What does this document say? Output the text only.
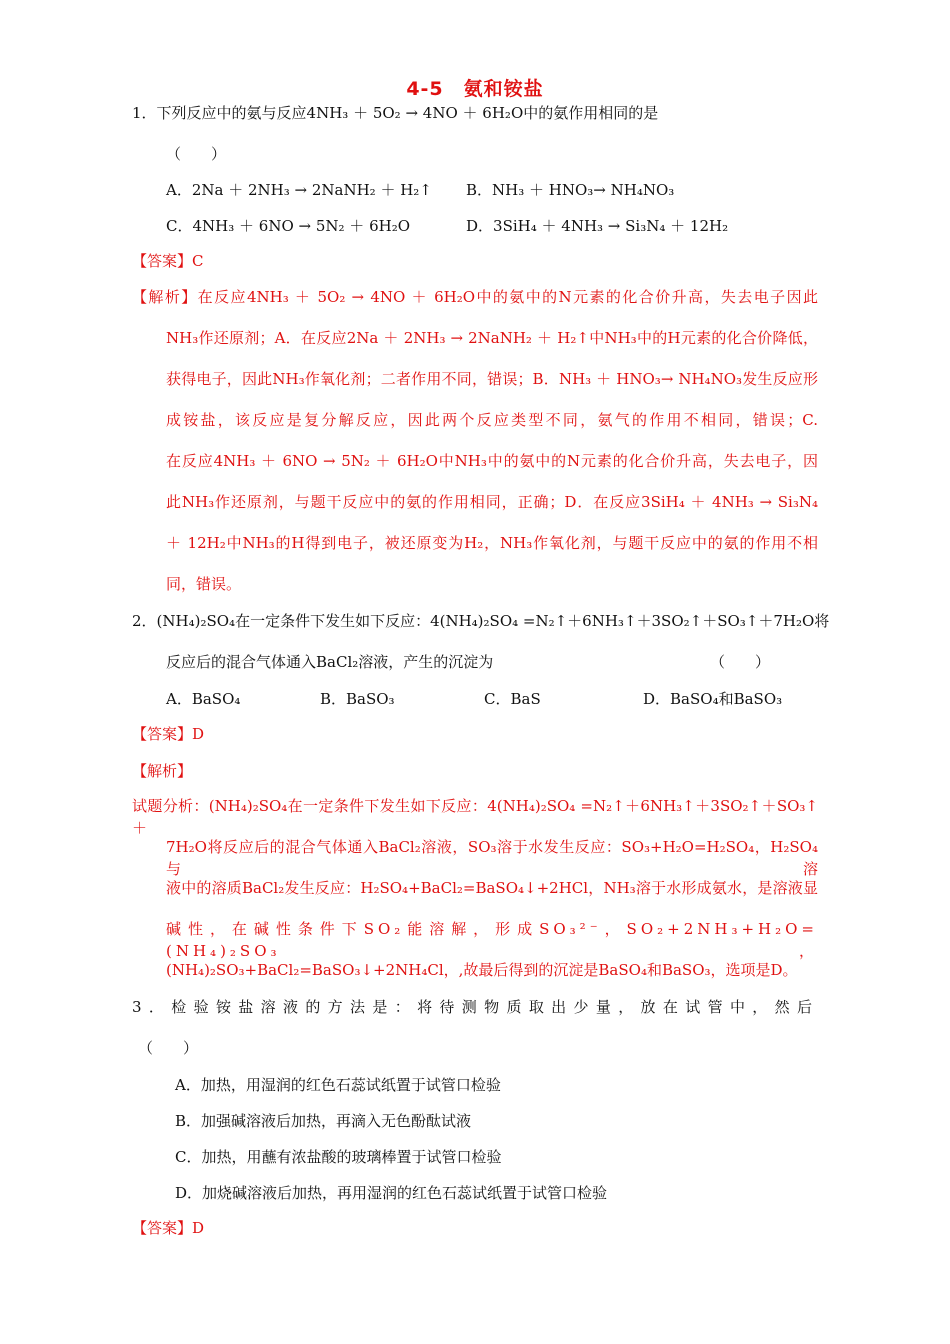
4-5　氨和铵盐
1．下列反应中的氨与反应4NH₃ ＋ 5O₂ → 4NO ＋ 6H₂O中的氨作用相同的是
（　　）
A．2Na ＋ 2NH₃ → 2NaNH₂ ＋ H₂↑ B．NH₃ ＋ HNO₃→ NH₄NO₃
C．4NH₃ ＋ 6NO → 5N₂ ＋ 6H₂O	D．3SiH₄ ＋ 4NH₃ → Si₃N₄ ＋ 12H₂
【答案】C
【解析】在反应4NH₃ ＋ 5O₂ → 4NO ＋ 6H₂O中的氨中的N元素的化合价升高，失去电子因此
NH₃作还原剂；A．在反应2Na ＋ 2NH₃ → 2NaNH₂ ＋ H₂↑中NH₃中的H元素的化合价降低，
获得电子，因此NH₃作氧化剂；二者作用不同，错误；B．NH₃ ＋ HNO₃→ NH₄NO₃发生反应形
成铵盐，该反应是复分解反应，因此两个反应类型不同，氨气的作用不相同，错误；C.
在反应4NH₃ ＋ 6NO → 5N₂ ＋ 6H₂O中NH₃中的氨中的N元素的化合价升高，失去电子，因
此NH₃作还原剂，与题干反应中的氨的作用相同，正确；D．在反应3SiH₄ ＋ 4NH₃ → Si₃N₄
＋ 12H₂中NH₃的H得到电子，被还原变为H₂，NH₃作氧化剂，与题干反应中的氨的作用不相
同，错误。
2．(NH₄)₂SO₄在一定条件下发生如下反应：4(NH₄)₂SO₄ =N₂↑＋6NH₃↑＋3SO₂↑＋SO₃↑＋7H₂O将
反应后的混合气体通入BaCl₂溶液，产生的沉淀为	（　　）
A．BaSO₄	B．BaSO₃	C．BaS	D．BaSO₄和BaSO₃
【答案】D
【解析】
试题分析：(NH₄)₂SO₄在一定条件下发生如下反应：4(NH₄)₂SO₄ =N₂↑＋6NH₃↑＋3SO₂↑＋SO₃↑＋
7H₂O将反应后的混合气体通入BaCl₂溶液，SO₃溶于水发生反应：SO₃+H₂O=H₂SO₄，H₂SO₄与溶
液中的溶质BaCl₂发生反应：H₂SO₄+BaCl₂=BaSO₄↓+2HCl，NH₃溶于水形成氨水，是溶液显
碱性，在碱性条件下SO₂能溶解，形成SO₃²⁻，SO₂+2NH₃+H₂O=(NH₄)₂SO₃，
(NH₄)₂SO₃+BaCl₂=BaSO₃↓+2NH₄Cl，,故最后得到的沉淀是BaSO₄和BaSO₃，选项是D。
3．检验铵盐溶液的方法是：将待测物质取出少量，放在试管中，然后
（　　）
A．加热，用湿润的红色石蕊试纸置于试管口检验
B．加强碱溶液后加热，再滴入无色酚酞试液
C．加热，用蘸有浓盐酸的玻璃棒置于试管口检验
D．加烧碱溶液后加热，再用湿润的红色石蕊试纸置于试管口检验
【答案】D
